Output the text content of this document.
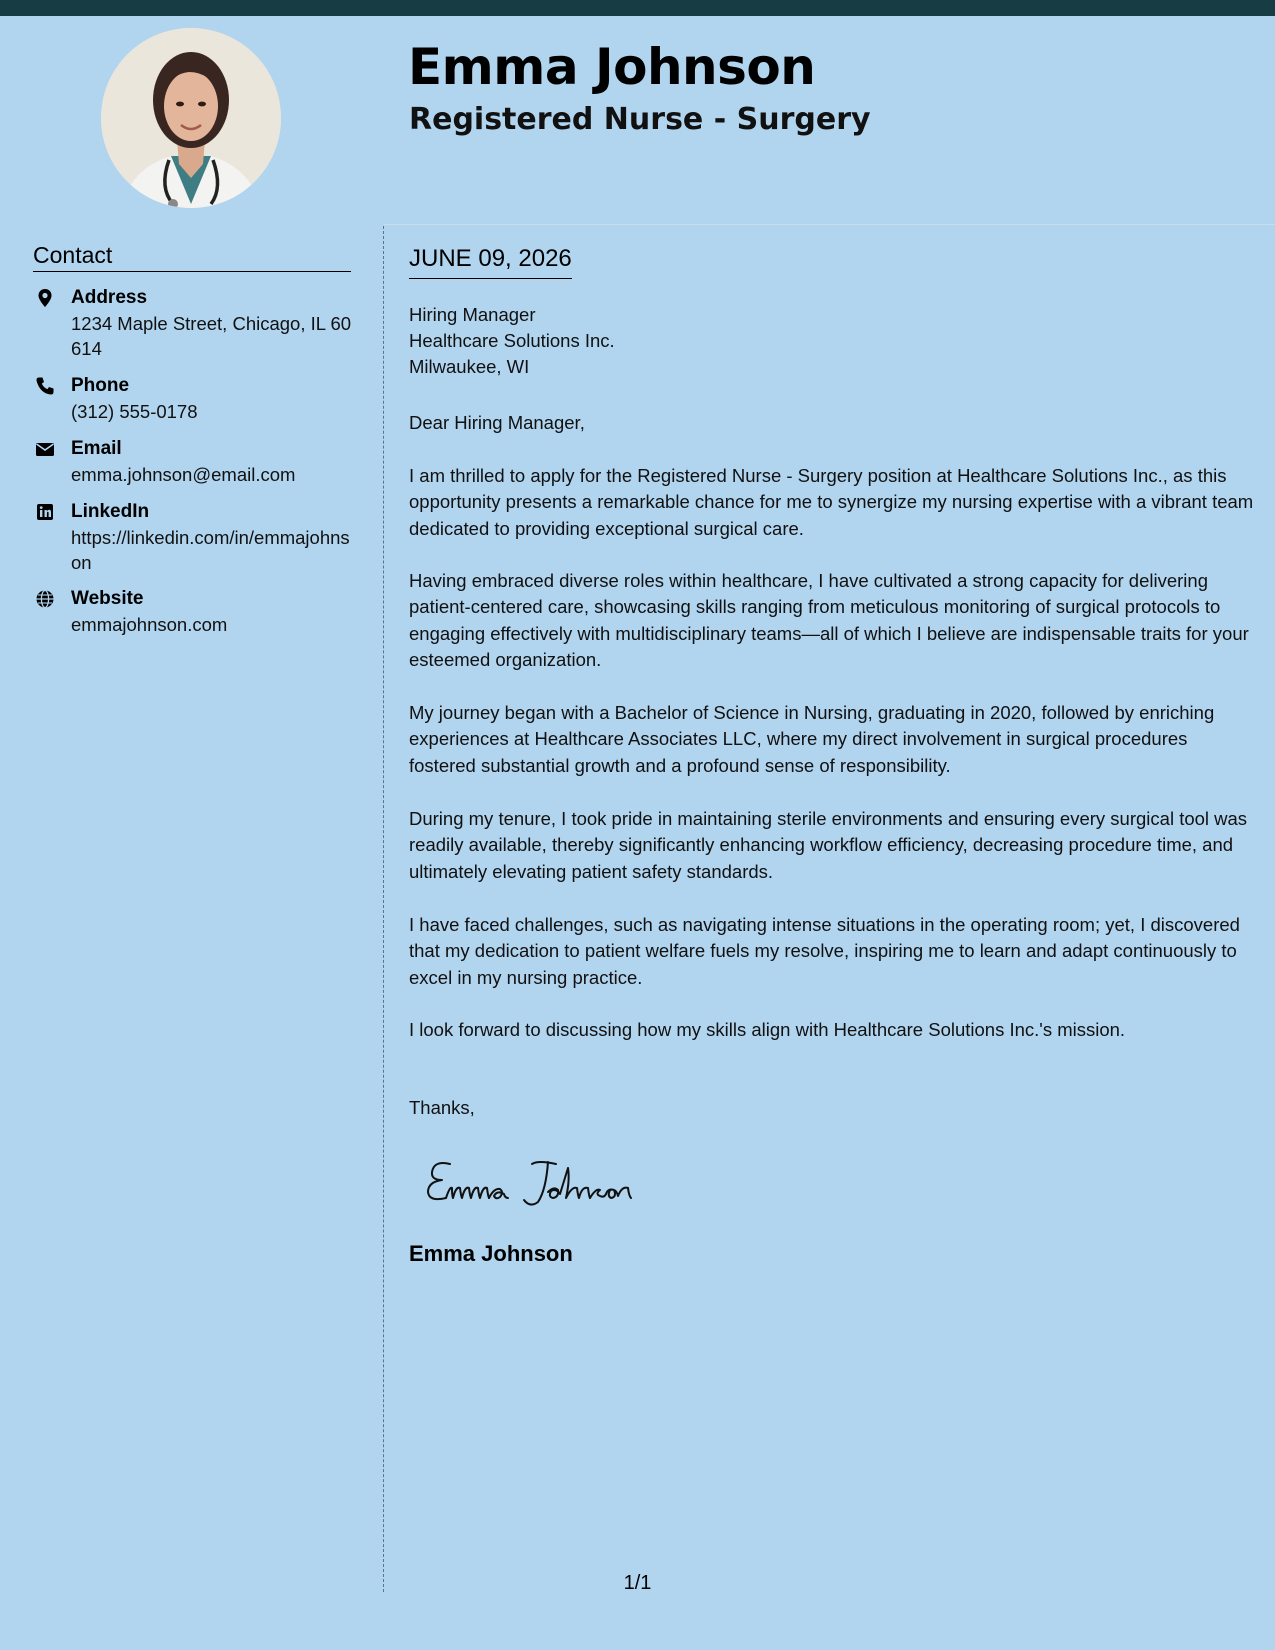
Emma Johnson
Registered Nurse - Surgery
Contact
Address
1234 Maple Street, Chicago, IL 60614
Phone
(312) 555-0178
Email
emma.johnson@email.com
LinkedIn
https://linkedin.com/in/emmajohnson
Website
emmajohnson.com
JUNE 09, 2026
Hiring Manager
Healthcare Solutions Inc.
Milwaukee, WI
Dear Hiring Manager,

I am thrilled to apply for the Registered Nurse - Surgery position at Healthcare Solutions Inc., as this opportunity presents a remarkable chance for me to synergize my nursing expertise with a vibrant team dedicated to providing exceptional surgical care.

Having embraced diverse roles within healthcare, I have cultivated a strong capacity for delivering patient-centered care, showcasing skills ranging from meticulous monitoring of surgical protocols to engaging effectively with multidisciplinary teams—all of which I believe are indispensable traits for your esteemed organization.

My journey began with a Bachelor of Science in Nursing, graduating in 2020, followed by enriching experiences at Healthcare Associates LLC, where my direct involvement in surgical procedures fostered substantial growth and a profound sense of responsibility.

During my tenure, I took pride in maintaining sterile environments and ensuring every surgical tool was readily available, thereby significantly enhancing workflow efficiency, decreasing procedure time, and ultimately elevating patient safety standards.

I have faced challenges, such as navigating intense situations in the operating room; yet, I discovered that my dedication to patient welfare fuels my resolve, inspiring me to learn and adapt continuously to excel in my nursing practice.

I look forward to discussing how my skills align with Healthcare Solutions Inc.'s mission.

Thanks,
Emma Johnson
1/1
